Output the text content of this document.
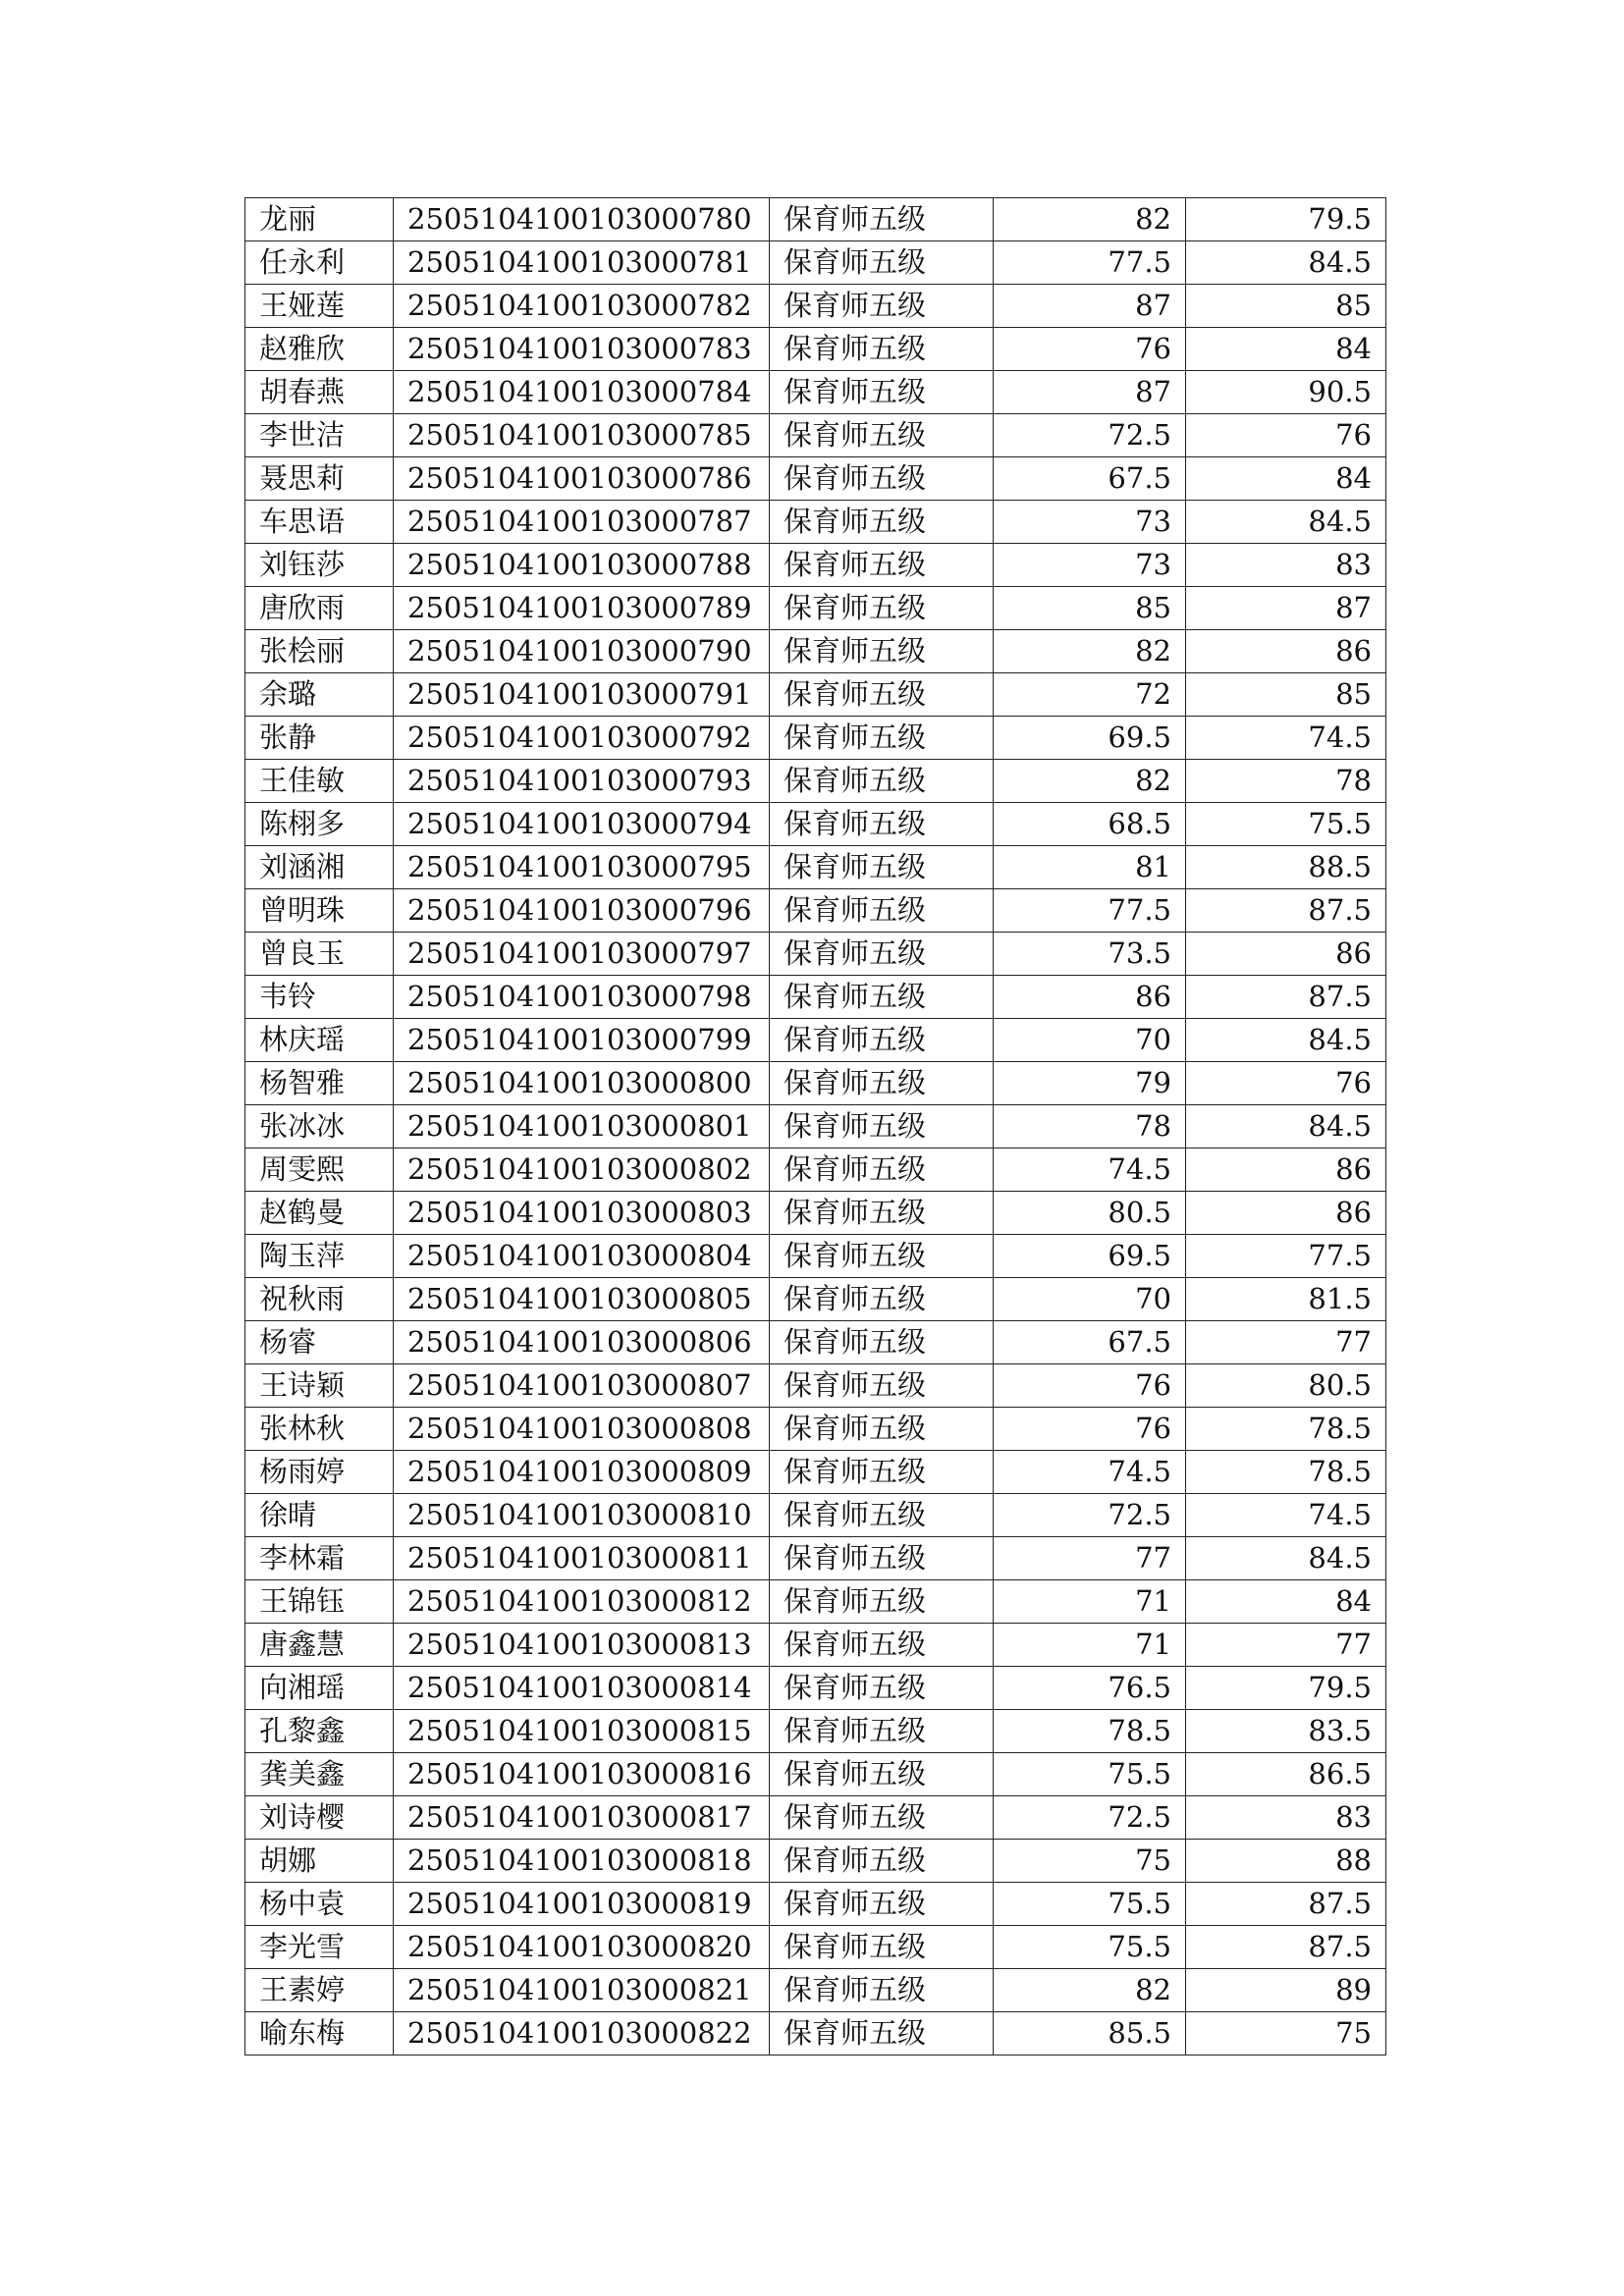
龙丽	2505104100103000780	保育师五级	82	79.5
任永利	2505104100103000781	保育师五级	77.5	84.5
王娅莲	2505104100103000782	保育师五级	87	85
赵雅欣	2505104100103000783	保育师五级	76	84
胡春燕	2505104100103000784	保育师五级	87	90.5
李世洁	2505104100103000785	保育师五级	72.5	76
聂思莉	2505104100103000786	保育师五级	67.5	84
车思语	2505104100103000787	保育师五级	73	84.5
刘钰莎	2505104100103000788	保育师五级	73	83
唐欣雨	2505104100103000789	保育师五级	85	87
张桧丽	2505104100103000790	保育师五级	82	86
余璐	2505104100103000791	保育师五级	72	85
张静	2505104100103000792	保育师五级	69.5	74.5
王佳敏	2505104100103000793	保育师五级	82	78
陈栩多	2505104100103000794	保育师五级	68.5	75.5
刘涵湘	2505104100103000795	保育师五级	81	88.5
曾明珠	2505104100103000796	保育师五级	77.5	87.5
曾良玉	2505104100103000797	保育师五级	73.5	86
韦铃	2505104100103000798	保育师五级	86	87.5
林庆瑶	2505104100103000799	保育师五级	70	84.5
杨智雅	2505104100103000800	保育师五级	79	76
张冰冰	2505104100103000801	保育师五级	78	84.5
周雯熙	2505104100103000802	保育师五级	74.5	86
赵鹤曼	2505104100103000803	保育师五级	80.5	86
陶玉萍	2505104100103000804	保育师五级	69.5	77.5
祝秋雨	2505104100103000805	保育师五级	70	81.5
杨睿	2505104100103000806	保育师五级	67.5	77
王诗颖	2505104100103000807	保育师五级	76	80.5
张林秋	2505104100103000808	保育师五级	76	78.5
杨雨婷	2505104100103000809	保育师五级	74.5	78.5
徐晴	2505104100103000810	保育师五级	72.5	74.5
李林霜	2505104100103000811	保育师五级	77	84.5
王锦钰	2505104100103000812	保育师五级	71	84
唐鑫慧	2505104100103000813	保育师五级	71	77
向湘瑶	2505104100103000814	保育师五级	76.5	79.5
孔黎鑫	2505104100103000815	保育师五级	78.5	83.5
龚美鑫	2505104100103000816	保育师五级	75.5	86.5
刘诗樱	2505104100103000817	保育师五级	72.5	83
胡娜	2505104100103000818	保育师五级	75	88
杨中袁	2505104100103000819	保育师五级	75.5	87.5
李光雪	2505104100103000820	保育师五级	75.5	87.5
王素婷	2505104100103000821	保育师五级	82	89
喻东梅	2505104100103000822	保育师五级	85.5	75
